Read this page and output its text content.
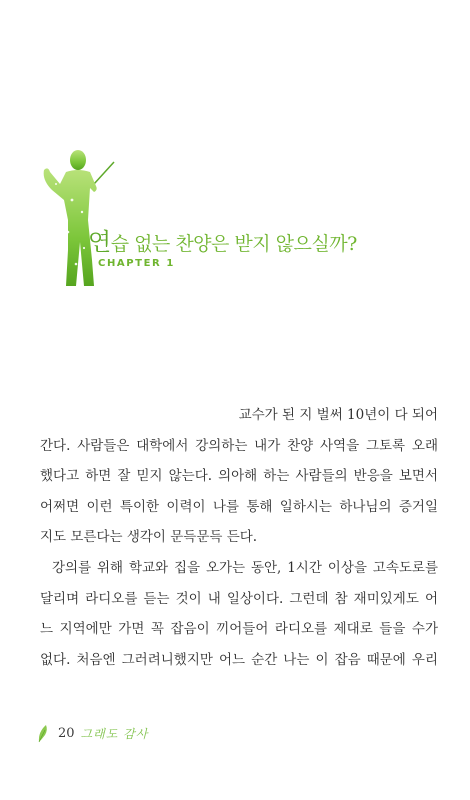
연습 없는 찬양은 받지 않으실까?
CHAPTER 1
교수가 된 지 벌써 10년이 다 되어
간다. 사람들은 대학에서 강의하는 내가 찬양 사역을 그토록 오래
했다고 하면 잘 믿지 않는다. 의아해 하는 사람들의 반응을 보면서
어쩌면 이런 특이한 이력이 나를 통해 일하시는 하나님의 증거일
지도 모른다는 생각이 문득문득 든다.
강의를 위해 학교와 집을 오가는 동안, 1시간 이상을 고속도로를
달리며 라디오를 듣는 것이 내 일상이다. 그런데 참 재미있게도 어
느 지역에만 가면 꼭 잡음이 끼어들어 라디오를 제대로 들을 수가
없다. 처음엔 그러려니했지만 어느 순간 나는 이 잡음 때문에 우리
20 그래도 감사
